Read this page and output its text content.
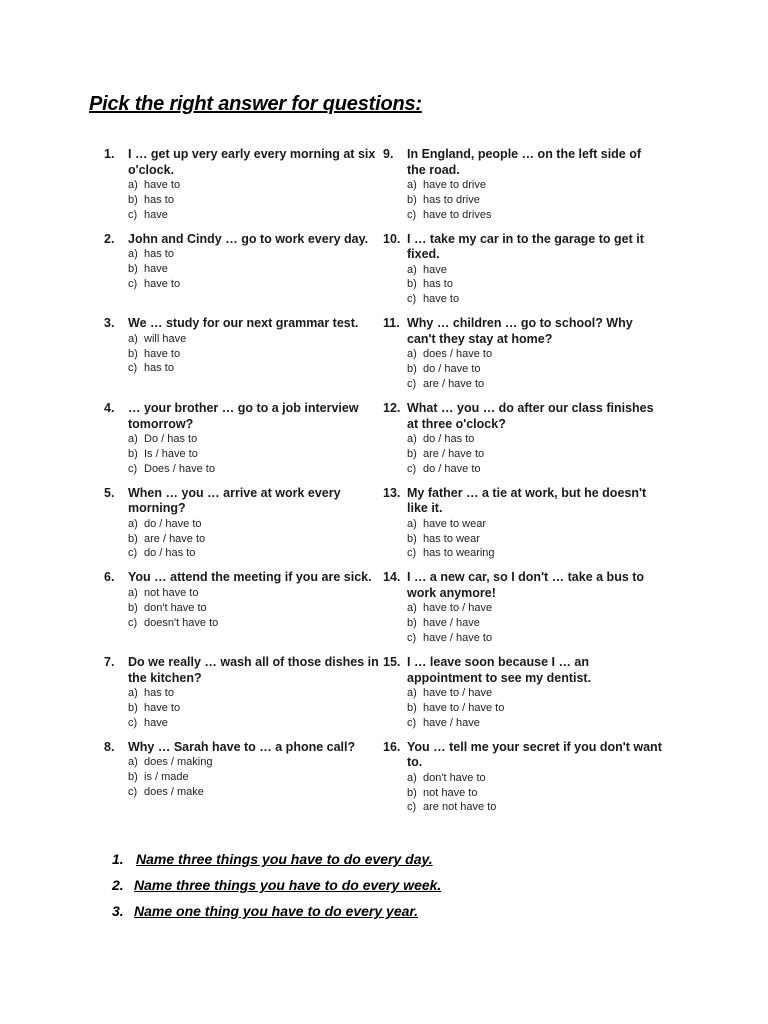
Pick the right answer for questions:
1.	I … get up very early every morning at six o'clock.
a) have to
b) has to
c) have
2.	John and Cindy … go to work every day.
a) has to
b) have
c) have to
3.	We … study for our next grammar test.
a) will have
b) have to
c) has to
4.	… your brother … go to a job interview tomorrow?
a) Do / has to
b) Is / have to
c) Does / have to
5.	When … you … arrive at work every morning?
a) do / have to
b) are / have to
c) do / has to
6.	You … attend the meeting if you are sick.
a) not have to
b) don't have to
c) doesn't have to
7.	Do we really … wash all of those dishes in the kitchen?
a) has to
b) have to
c) have
8.	Why … Sarah have to … a phone call?
a) does / making
b) is / made
c) does / make
9.	In England, people … on the left side of the road.
a) have to drive
b) has to drive
c) have to drives
10. I … take my car in to the garage to get it fixed.
a) have
b) has to
c) have to
11. Why … children … go to school? Why can't they stay at home?
a) does / have to
b) do / have to
c) are / have to
12. What … you … do after our class finishes at three o'clock?
a) do / has to
b) are / have to
c) do / have to
13. My father … a tie at work, but he doesn't like it.
a) have to wear
b) has to wear
c) has to wearing
14. I … a new car, so I don't … take a bus to work anymore!
a) have to / have
b) have / have
c) have / have to
15. I … leave soon because I … an appointment to see my dentist.
a) have to / have
b) have to / have to
c) have / have
16. You … tell me your secret if you don't want to.
a) don't have to
b) not have to
c) are not have to
1. Name three things you have to do every day.
2. Name three things you have to do every week.
3. Name one thing you have to do every year.
